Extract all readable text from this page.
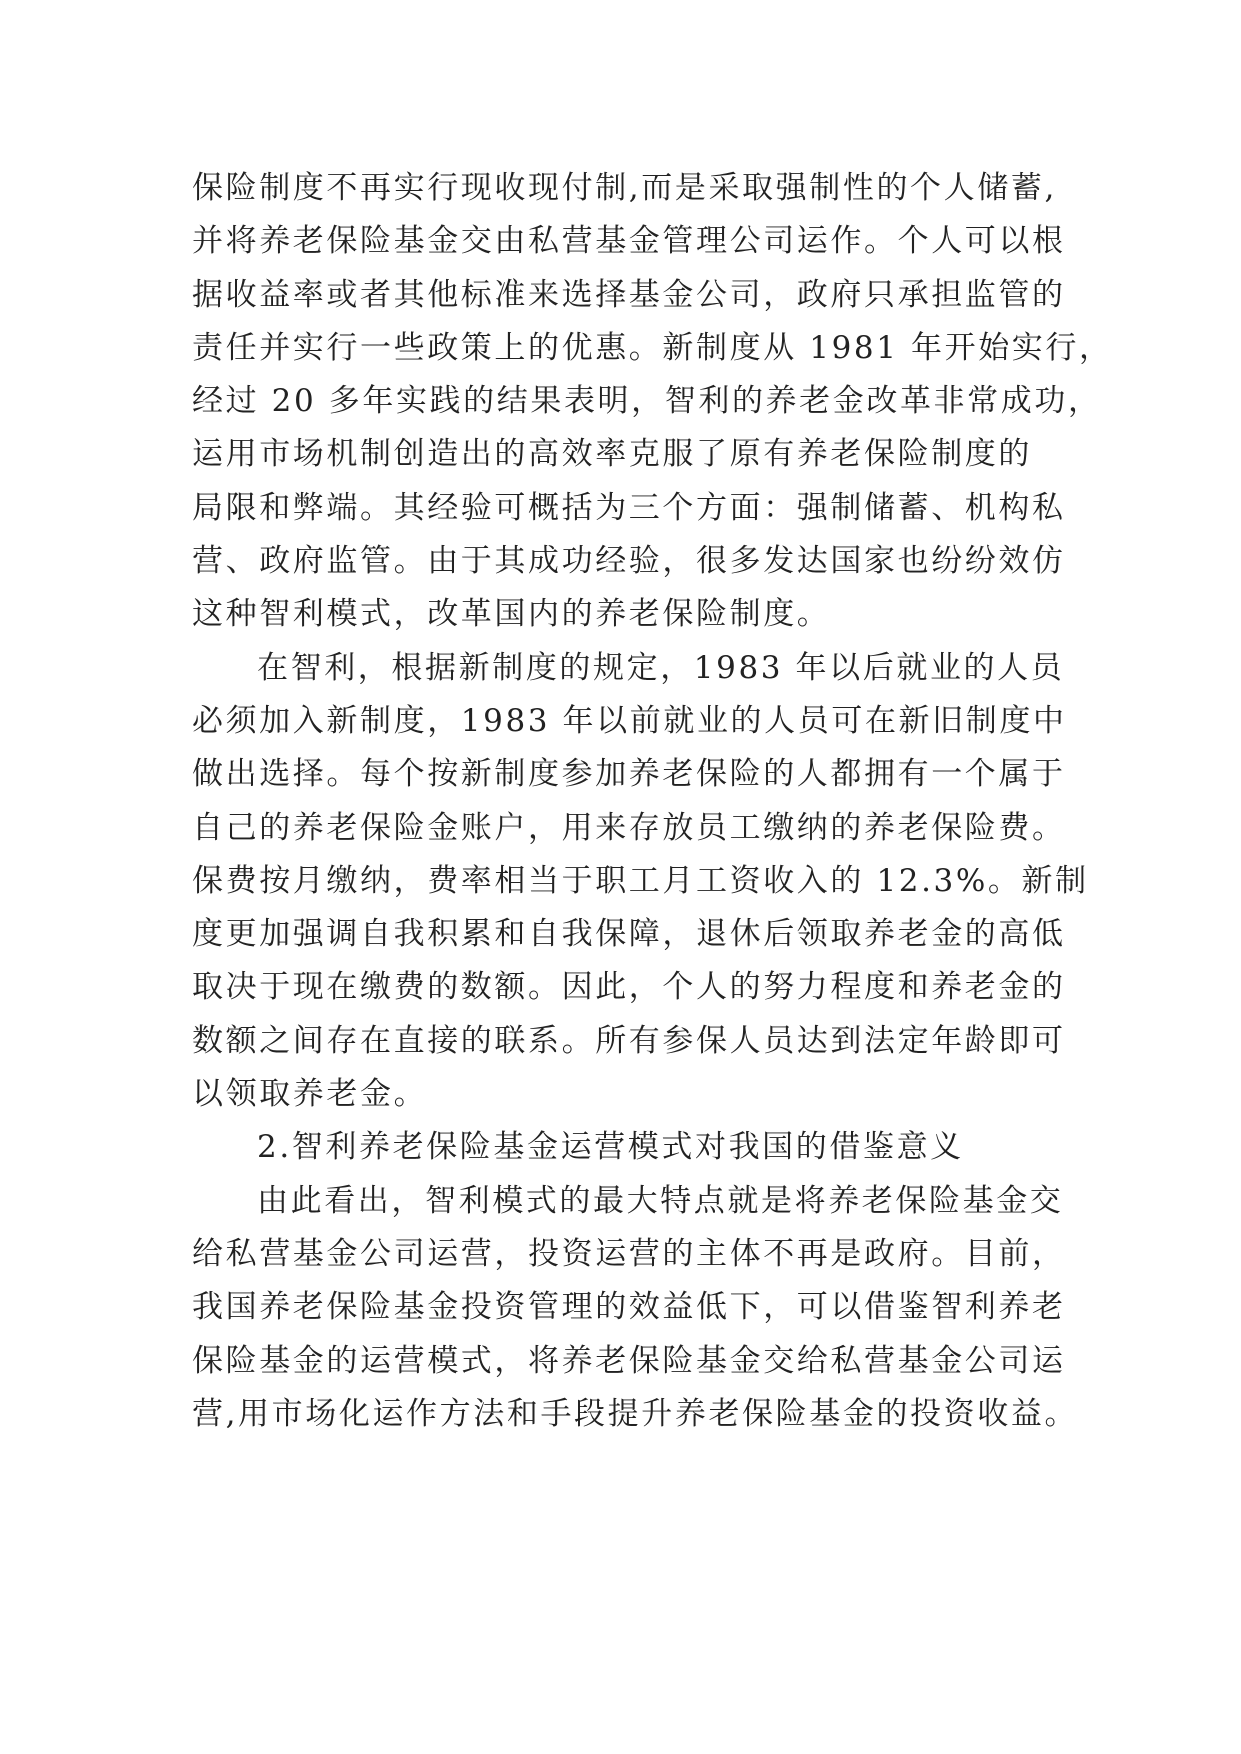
保险制度不再实行现收现付制,而是采取强制性的个人储蓄,
并将养老保险基金交由私营基金管理公司运作。个人可以根
据收益率或者其他标准来选择基金公司，政府只承担监管的
责任并实行一些政策上的优惠。新制度从 1981 年开始实行，
经过 20 多年实践的结果表明，智利的养老金改革非常成功，
运用市场机制创造出的高效率克服了原有养老保险制度的
局限和弊端。其经验可概括为三个方面：强制储蓄、机构私
营、政府监管。由于其成功经验，很多发达国家也纷纷效仿
这种智利模式，改革国内的养老保险制度。
在智利，根据新制度的规定，1983 年以后就业的人员
必须加入新制度，1983 年以前就业的人员可在新旧制度中
做出选择。每个按新制度参加养老保险的人都拥有一个属于
自己的养老保险金账户，用来存放员工缴纳的养老保险费。
保费按月缴纳，费率相当于职工月工资收入的 12.3%。新制
度更加强调自我积累和自我保障，退休后领取养老金的高低
取决于现在缴费的数额。因此，个人的努力程度和养老金的
数额之间存在直接的联系。所有参保人员达到法定年龄即可
以领取养老金。
2.智利养老保险基金运营模式对我国的借鉴意义
由此看出，智利模式的最大特点就是将养老保险基金交
给私营基金公司运营，投资运营的主体不再是政府。目前，
我国养老保险基金投资管理的效益低下，可以借鉴智利养老
保险基金的运营模式，将养老保险基金交给私营基金公司运
营,用市场化运作方法和手段提升养老保险基金的投资收益。
